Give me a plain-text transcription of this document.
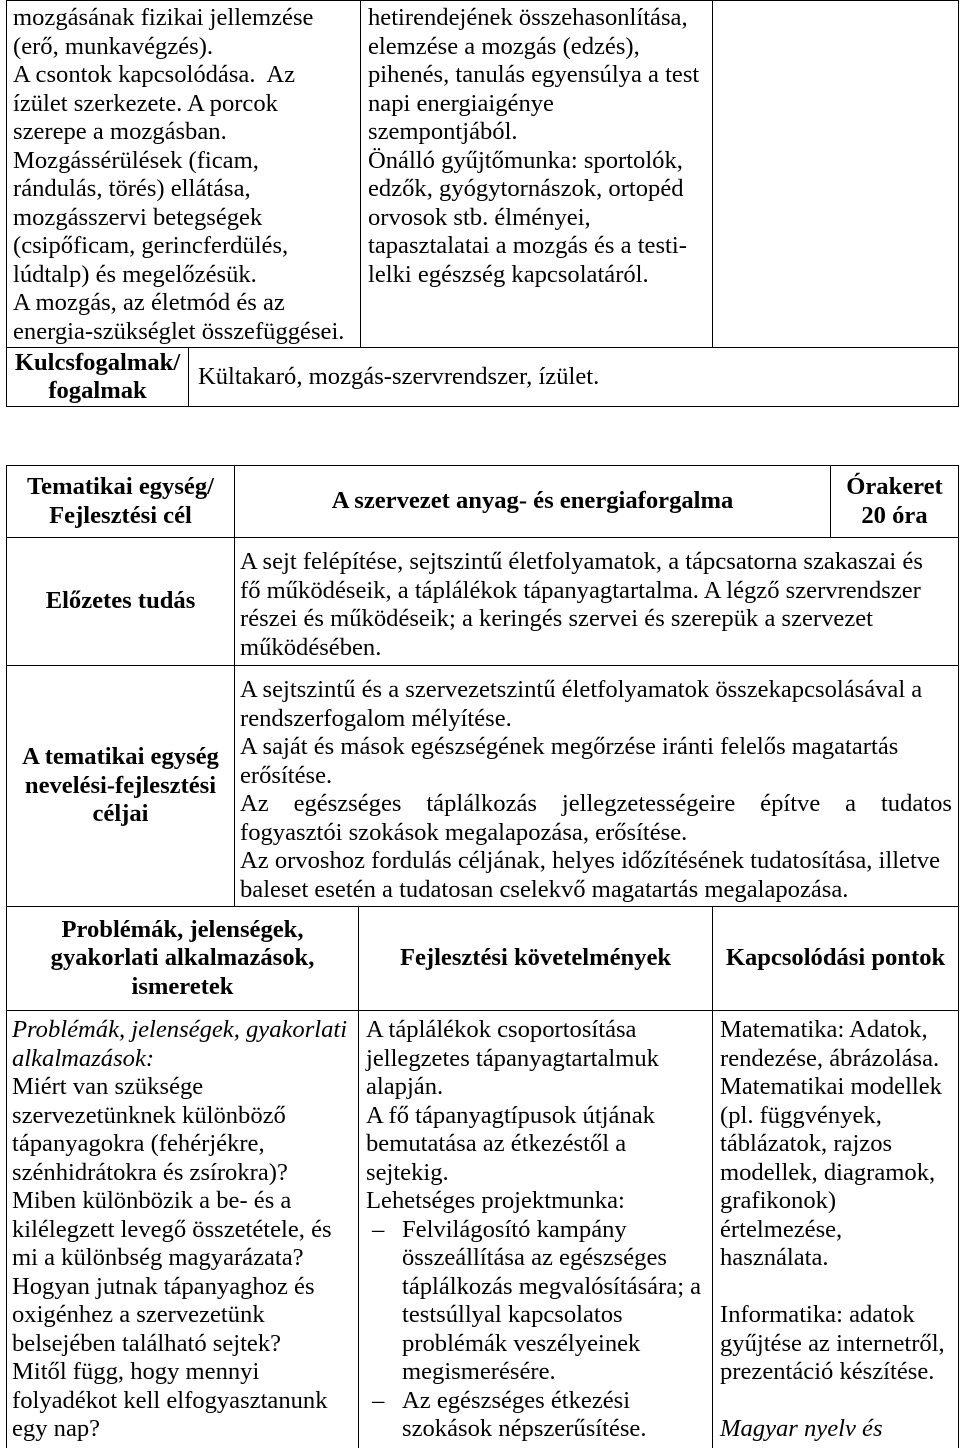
mozgásának fizikai jellemzése
(erő, munkavégzés).
A csontok kapcsolódása.  Az
ízület szerkezete. A porcok
szerepe a mozgásban.
Mozgássérülések (ficam,
rándulás, törés) ellátása,
mozgásszervi betegségek
(csipőficam, gerincferdülés,
lúdtalp) és megelőzésük.
A mozgás, az életmód és az
energia-szükséglet összefüggései.
hetirendejének összehasonlítása,
elemzése a mozgás (edzés),
pihenés, tanulás egyensúlya a test
napi energiaigénye
szempontjából.
Önálló gyűjtőmunka: sportolók,
edzők, gyógytornászok, ortopéd
orvosok stb. élményei,
tapasztalatai a mozgás és a testi-
lelki egészség kapcsolatáról.
Kulcsfogalmak/
fogalmak
Kültakaró, mozgás-szervrendszer, ízület.
Tematikai egység/
Fejlesztési cél
A szervezet anyag- és energiaforgalma
Órakeret
20 óra
Előzetes tudás
A sejt felépítése, sejtszintű életfolyamatok, a tápcsatorna szakaszai és
fő működéseik, a táplálékok tápanyagtartalma. A légző szervrendszer
részei és működéseik; a keringés szervei és szerepük a szervezet
működésében.
A tematikai egység
nevelési-fejlesztési
céljai
A sejtszintű és a szervezetszintű életfolyamatok összekapcsolásával a
rendszerfogalom mélyítése.
A saját és mások egészségének megőrzése iránti felelős magatartás
erősítése.
Az egészséges táplálkozás jellegzetességeire építve a tudatos
fogyasztói szokások megalapozása, erősítése.
Az orvoshoz fordulás céljának, helyes időzítésének tudatosítása, illetve
baleset esetén a tudatosan cselekvő magatartás megalapozása.
Problémák, jelenségek,
gyakorlati alkalmazások,
ismeretek
Fejlesztési követelmények Kapcsolódási pontok
Problémák, jelenségek, gyakorlati
alkalmazások:
Miért van szüksége
szervezetünknek különböző
tápanyagokra (fehérjékre,
szénhidrátokra és zsírokra)?
Miben különbözik a be- és a
kilélegzett levegő összetétele, és
mi a különbség magyarázata?
Hogyan jutnak tápanyaghoz és
oxigénhez a szervezetünk
belsejében található sejtek?
Mitől függ, hogy mennyi
folyadékot kell elfogyasztanunk
egy nap?
A táplálékok csoportosítása
jellegzetes tápanyagtartalmuk
alapján.
A fő tápanyagtípusok útjának
bemutatása az étkezéstől a
sejtekig.
Lehetséges projektmunka:
– Felvilágosító kampány
összeállítása az egészséges
táplálkozás megvalósítására; a
testsúllyal kapcsolatos
problémák veszélyeinek
megismerésére.
– Az egészséges étkezési
szokások népszerűsítése.
Matematika: Adatok,
rendezése, ábrázolása.
Matematikai modellek
(pl. függvények,
táblázatok, rajzos
modellek, diagramok,
grafikonok)
értelmezése,
használata.
Informatika: adatok
gyűjtése az internetről,
prezentáció készítése.
Magyar nyelv és
